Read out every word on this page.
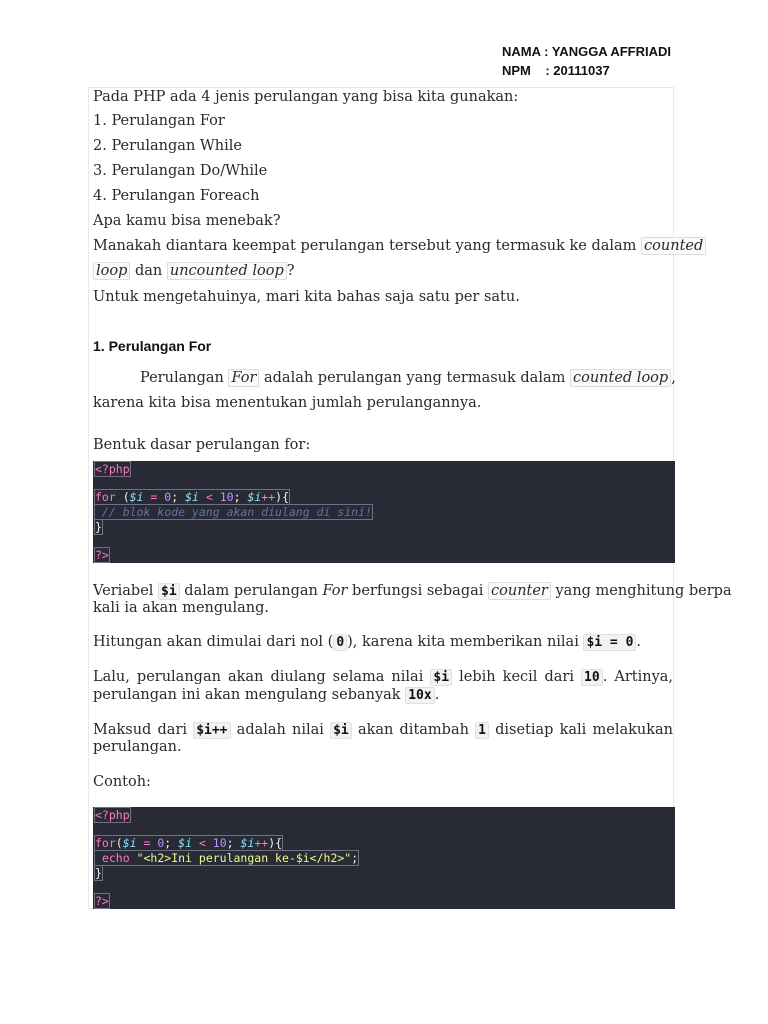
NAMA : YANGGA AFFRIADI
NPM    : 20111037
Pada PHP ada 4 jenis perulangan yang bisa kita gunakan:
1. Perulangan For
2. Perulangan While
3. Perulangan Do/While
4. Perulangan Foreach
Apa kamu bisa menebak?
Manakah diantara keempat perulangan tersebut yang termasuk ke dalam counted
loop dan uncounted loop ?
Untuk mengetahuinya, mari kita bahas saja satu per satu.
1. Perulangan For
Perulangan For adalah perulangan yang termasuk dalam counted loop ,
karena kita bisa menentukan jumlah perulangannya.
Bentuk dasar perulangan for:
<?php
for ($i = 0; $i < 10; $i++){
// blok kode yang akan diulang di sini!
}
?>
Veriabel $i dalam perulangan For berfungsi sebagai counter yang menghitung berpa
kali ia akan mengulang.
Hitungan akan dimulai dari nol ( 0 ), karena kita memberikan nilai $i = 0 .
Lalu, perulangan akan diulang selama nilai $i lebih kecil dari 10 . Artinya,
perulangan ini akan mengulang sebanyak 10x .
Maksud dari $i++ adalah nilai $i akan ditambah 1 disetiap kali melakukan
perulangan.
Contoh:
<?php
for($i = 0; $i < 10; $i++){
echo "<h2>Ini perulangan ke-$i</h2>";
}
?>
